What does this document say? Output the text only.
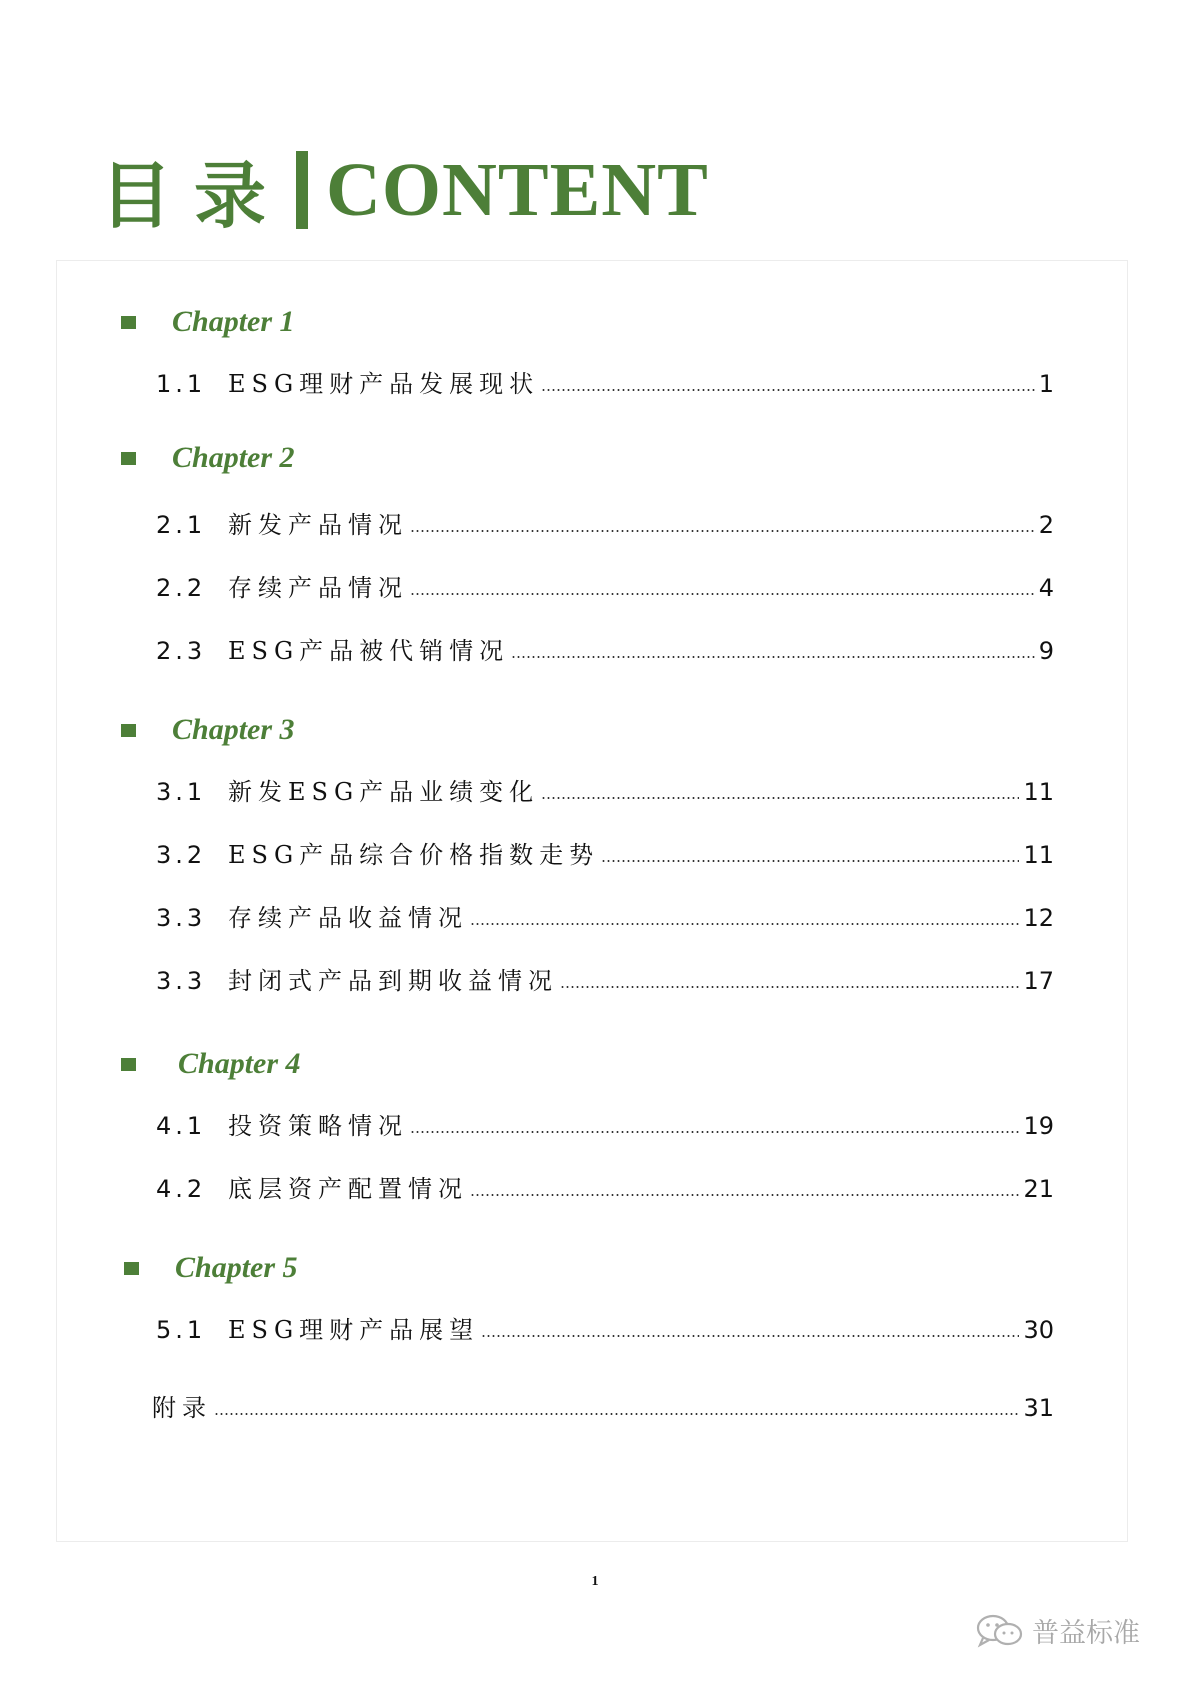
目录 CONTENT
Chapter 1
1.1 ESG理财产品发展现状	1
Chapter 2
2.1 新发产品情况	2
2.2 存续产品情况	4
2.3 ESG产品被代销情况	9
Chapter 3
3.1 新发ESG产品业绩变化	11
3.2 ESG产品综合价格指数走势	11
3.3 存续产品收益情况	12
3.3 封闭式产品到期收益情况	17
Chapter 4
4.1 投资策略情况	19
4.2 底层资产配置情况	21
Chapter 5
5.1 ESG理财产品展望	30
附录	31
1
普益标准
